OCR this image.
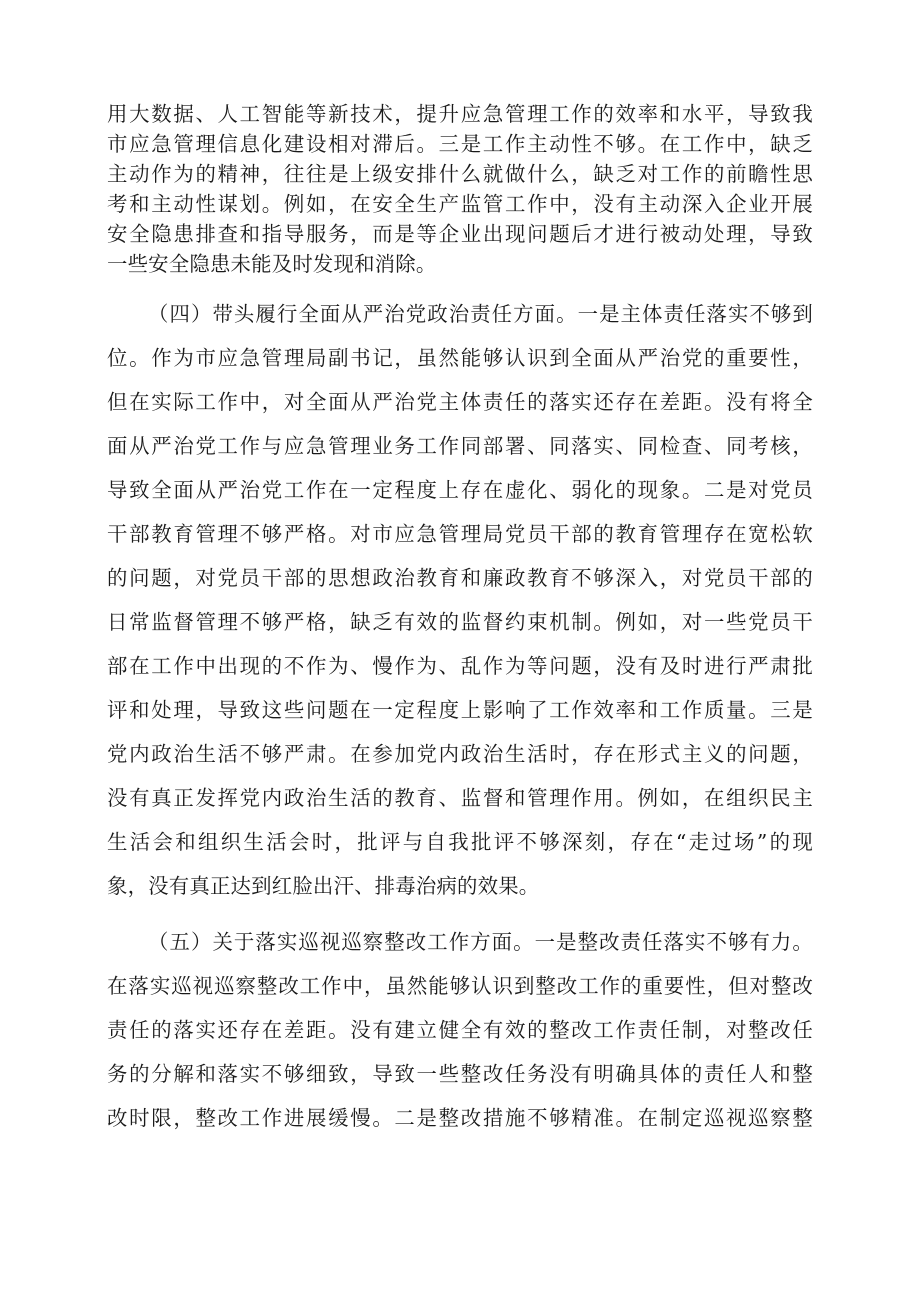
用大数据、人工智能等新技术，提升应急管理工作的效率和水平，导致我

市应急管理信息化建设相对滞后。三是工作主动性不够。在工作中，缺乏

主动作为的精神，往往是上级安排什么就做什么，缺乏对工作的前瞻性思

考和主动性谋划。例如，在安全生产监管工作中，没有主动深入企业开展

安全隐患排查和指导服务，而是等企业出现问题后才进行被动处理，导致

一些安全隐患未能及时发现和消除。

（四）带头履行全面从严治党政治责任方面。一是主体责任落实不够到

位。作为市应急管理局副书记，虽然能够认识到全面从严治党的重要性，

但在实际工作中，对全面从严治党主体责任的落实还存在差距。没有将全

面从严治党工作与应急管理业务工作同部署、同落实、同检查、同考核，

导致全面从严治党工作在一定程度上存在虚化、弱化的现象。二是对党员

干部教育管理不够严格。对市应急管理局党员干部的教育管理存在宽松软

的问题，对党员干部的思想政治教育和廉政教育不够深入，对党员干部的

日常监督管理不够严格，缺乏有效的监督约束机制。例如，对一些党员干

部在工作中出现的不作为、慢作为、乱作为等问题，没有及时进行严肃批

评和处理，导致这些问题在一定程度上影响了工作效率和工作质量。三是

党内政治生活不够严肃。在参加党内政治生活时，存在形式主义的问题，

没有真正发挥党内政治生活的教育、监督和管理作用。例如，在组织民主

生活会和组织生活会时，批评与自我批评不够深刻，存在“走过场”的现

象，没有真正达到红脸出汗、排毒治病的效果。

（五）关于落实巡视巡察整改工作方面。一是整改责任落实不够有力。

在落实巡视巡察整改工作中，虽然能够认识到整改工作的重要性，但对整改

责任的落实还存在差距。没有建立健全有效的整改工作责任制，对整改任

务的分解和落实不够细致，导致一些整改任务没有明确具体的责任人和整

改时限，整改工作进展缓慢。二是整改措施不够精准。在制定巡视巡察整
